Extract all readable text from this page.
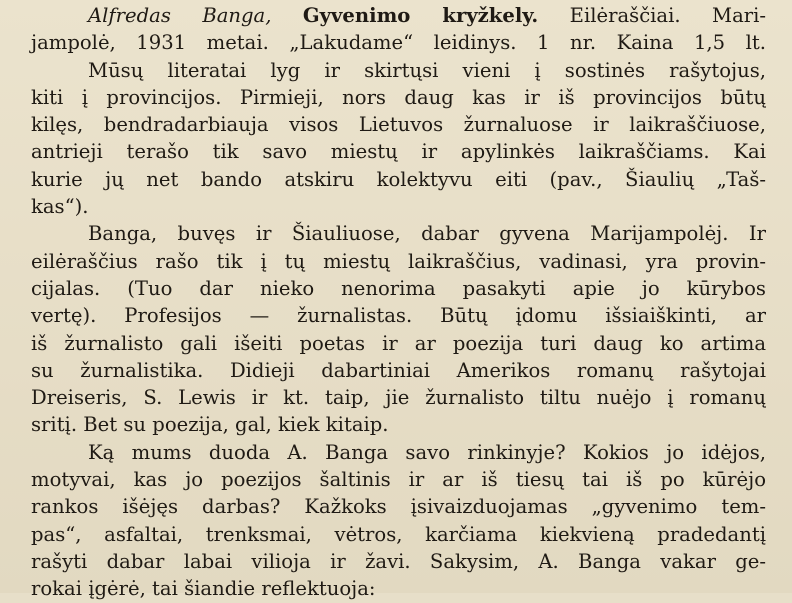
Alfredas Banga, Gyvenimo kryžkely. Eilėraščiai. Mari-
jampolė, 1931 metai. „Lakudame“ leidinys. 1 nr. Kaina 1,5 lt.
Mūsų literatai lyg ir skirtųsi vieni į sostinės rašytojus,
kiti į provincijos. Pirmieji, nors daug kas ir iš provincijos būtų
kilęs, bendradarbiauja visos Lietuvos žurnaluose ir laikraščiuose,
antrieji terašo tik savo miestų ir apylinkės laikraščiams. Kai
kurie jų net bando atskiru kolektyvu eiti (pav., Šiaulių „Taš-
kas“).
Banga, buvęs ir Šiauliuose, dabar gyvena Marijampolėj. Ir
eilėraščius rašo tik į tų miestų laikraščius, vadinasi, yra provin-
cijalas. (Tuo dar nieko nenorima pasakyti apie jo kūrybos
vertę). Profesijos — žurnalistas. Būtų įdomu išsiaiškinti, ar
iš žurnalisto gali išeiti poetas ir ar poezija turi daug ko artima
su žurnalistika. Didieji dabartiniai Amerikos romanų rašytojai
Dreiseris, S. Lewis ir kt. taip, jie žurnalisto tiltu nuėjo į romanų
sritį. Bet su poezija, gal, kiek kitaip.
Ką mums duoda A. Banga savo rinkinyje? Kokios jo idėjos,
motyvai, kas jo poezijos šaltinis ir ar iš tiesų tai iš po kūrėjo
rankos išėjęs darbas? Kažkoks įsivaizduojamas „gyvenimo tem-
pas“, asfaltai, trenksmai, vėtros, karčiama kiekvieną pradedantį
rašyti dabar labai vilioja ir žavi. Sakysim, A. Banga vakar ge-
rokai įgėrė, tai šiandie reflektuoja:
